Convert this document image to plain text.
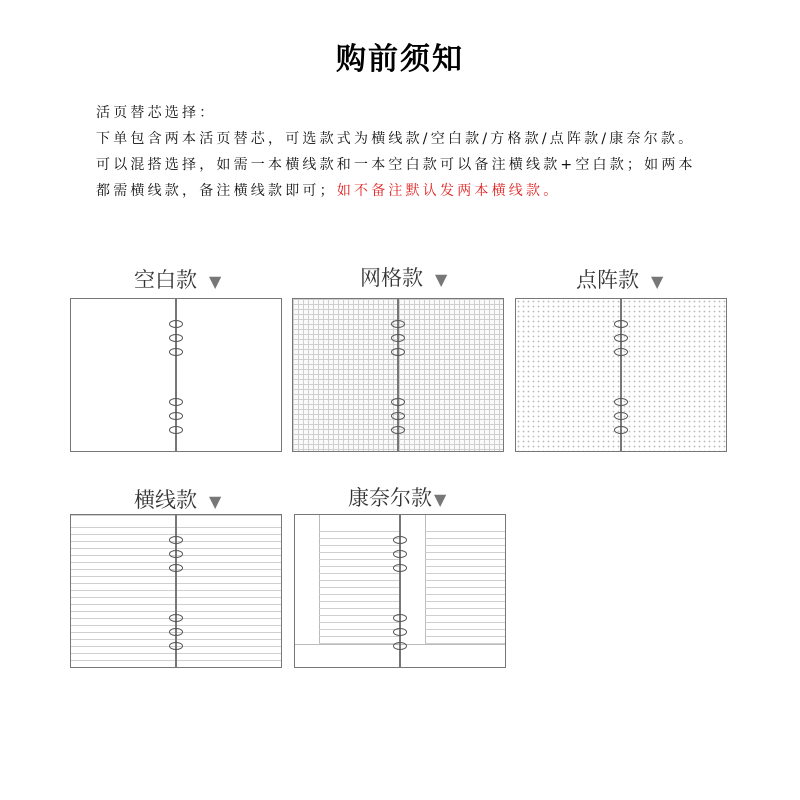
购前须知
活页替芯选择：
下单包含两本活页替芯，可选款式为横线款/空白款/方格款/点阵款/康奈尔款。可以混搭选择，如需一本横线款和一本空白款可以备注横线款+空白款；如两本都需横线款，备注横线款即可；如不备注默认发两本横线款。
空白款 ▼	网格款 ▼	点阵款 ▼
横线款 ▼	康奈尔款 ▼
